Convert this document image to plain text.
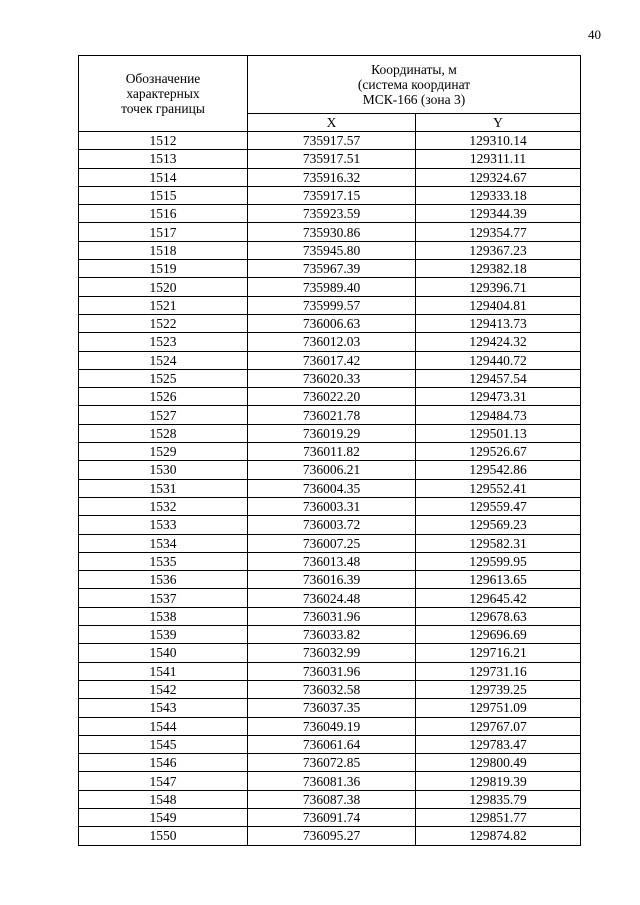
40
Обозначение
характерных
точек границы	Координаты, м
(система координат
МСК-166 (зона 3)	

	X	Y
1512	735917.57	129310.14
1513	735917.51	129311.11
1514	735916.32	129324.67
1515	735917.15	129333.18
1516	735923.59	129344.39
1517	735930.86	129354.77
1518	735945.80	129367.23
1519	735967.39	129382.18
1520	735989.40	129396.71
1521	735999.57	129404.81
1522	736006.63	129413.73
1523	736012.03	129424.32
1524	736017.42	129440.72
1525	736020.33	129457.54
1526	736022.20	129473.31
1527	736021.78	129484.73
1528	736019.29	129501.13
1529	736011.82	129526.67
1530	736006.21	129542.86
1531	736004.35	129552.41
1532	736003.31	129559.47
1533	736003.72	129569.23
1534	736007.25	129582.31
1535	736013.48	129599.95
1536	736016.39	129613.65
1537	736024.48	129645.42
1538	736031.96	129678.63
1539	736033.82	129696.69
1540	736032.99	129716.21
1541	736031.96	129731.16
1542	736032.58	129739.25
1543	736037.35	129751.09
1544	736049.19	129767.07
1545	736061.64	129783.47
1546	736072.85	129800.49
1547	736081.36	129819.39
1548	736087.38	129835.79
1549	736091.74	129851.77
1550	736095.27	129874.82
